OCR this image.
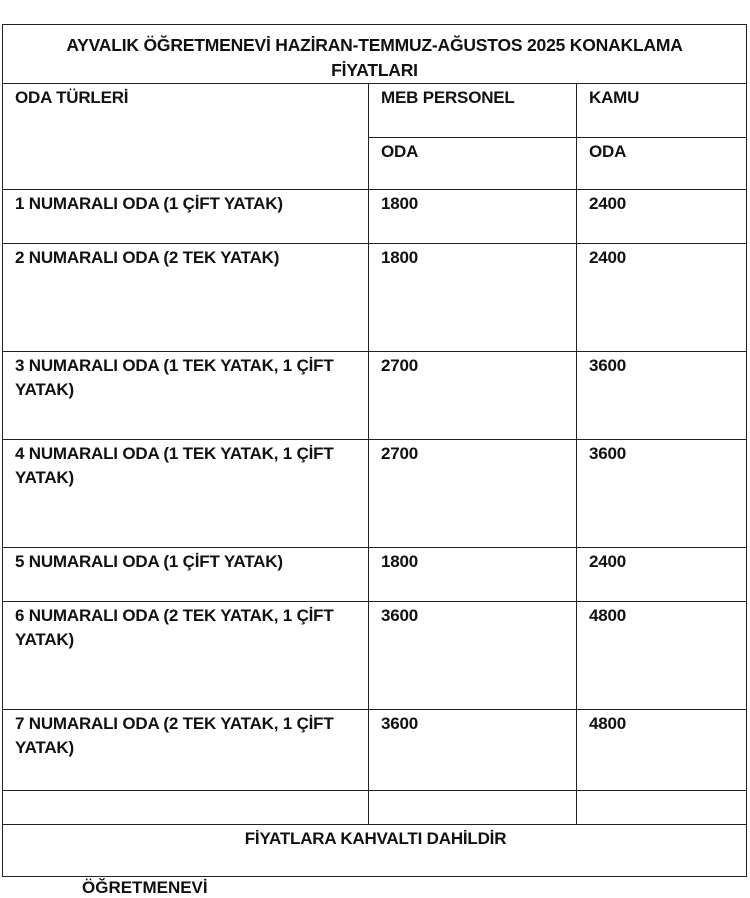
AYVALIK ÖĞRETMENEVİ HAZİRAN-TEMMUZ-AĞUSTOS 2025 KONAKLAMA FİYATLARI		
ODA TÜRLERİ	MEB PERSONEL	KAMU
	ODA	ODA
1 NUMARALI ODA (1 ÇİFT YATAK)	1800	2400
2 NUMARALI ODA (2 TEK YATAK)	1800	2400
3 NUMARALI ODA (1 TEK YATAK, 1 ÇİFT YATAK)	2700	3600
4 NUMARALI ODA (1 TEK YATAK, 1 ÇİFT YATAK)	2700	3600
5 NUMARALI ODA (1 ÇİFT YATAK)	1800	2400
6 NUMARALI ODA (2 TEK YATAK, 1 ÇİFT YATAK)	3600	4800
7 NUMARALI ODA (2 TEK YATAK, 1 ÇİFT YATAK)	3600	4800

FİYATLARA KAHVALTI DAHİLDİR		
ÖĞRETMENEVİ
